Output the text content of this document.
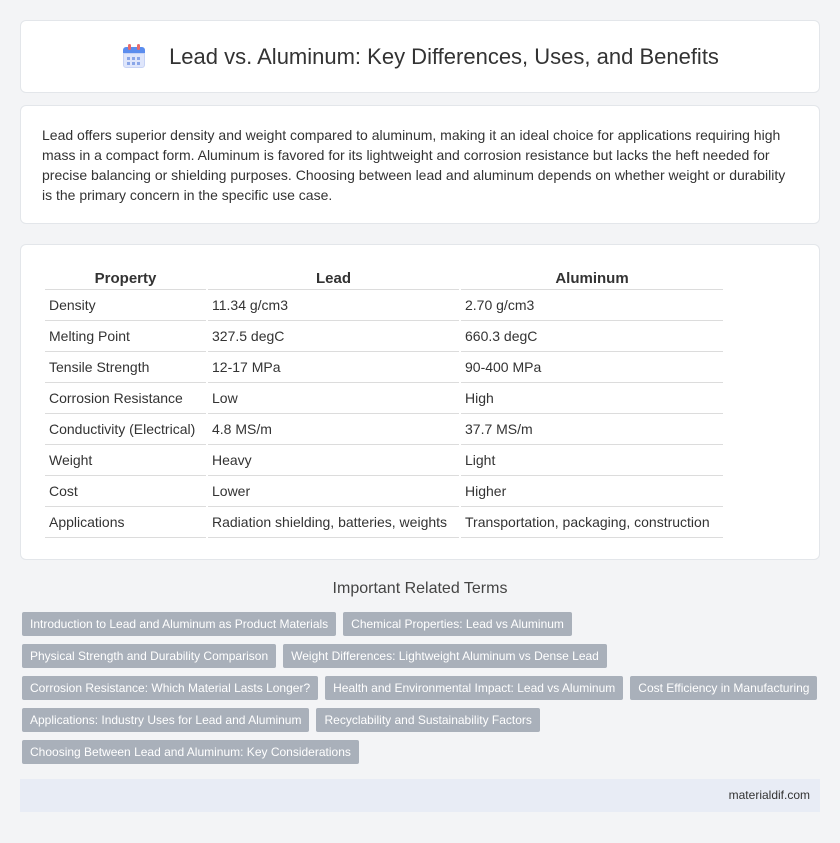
Lead vs. Aluminum: Key Differences, Uses, and Benefits

Lead offers superior density and weight compared to aluminum, making it an ideal choice for applications requiring high mass in a compact form. Aluminum is favored for its lightweight and corrosion resistance but lacks the heft needed for precise balancing or shielding purposes. Choosing between lead and aluminum depends on whether weight or durability is the primary concern in the specific use case.

Property	Lead	Aluminum
Density	11.34 g/cm3	2.70 g/cm3
Melting Point	327.5 degC	660.3 degC
Tensile Strength	12-17 MPa	90-400 MPa
Corrosion Resistance	Low	High
Conductivity (Electrical)	4.8 MS/m	37.7 MS/m
Weight	Heavy	Light
Cost	Lower	Higher
Applications	Radiation shielding, batteries, weights	Transportation, packaging, construction
Important Related Terms
Introduction to Lead and Aluminum as Product Materials	Chemical Properties: Lead vs Aluminum
Physical Strength and Durability Comparison	Weight Differences: Lightweight Aluminum vs Dense Lead
Corrosion Resistance: Which Material Lasts Longer?	Health and Environmental Impact: Lead vs Aluminum	Cost Efficiency in Manufacturing
Applications: Industry Uses for Lead and Aluminum	Recyclability and Sustainability Factors
Choosing Between Lead and Aluminum: Key Considerations
materialdif.com
